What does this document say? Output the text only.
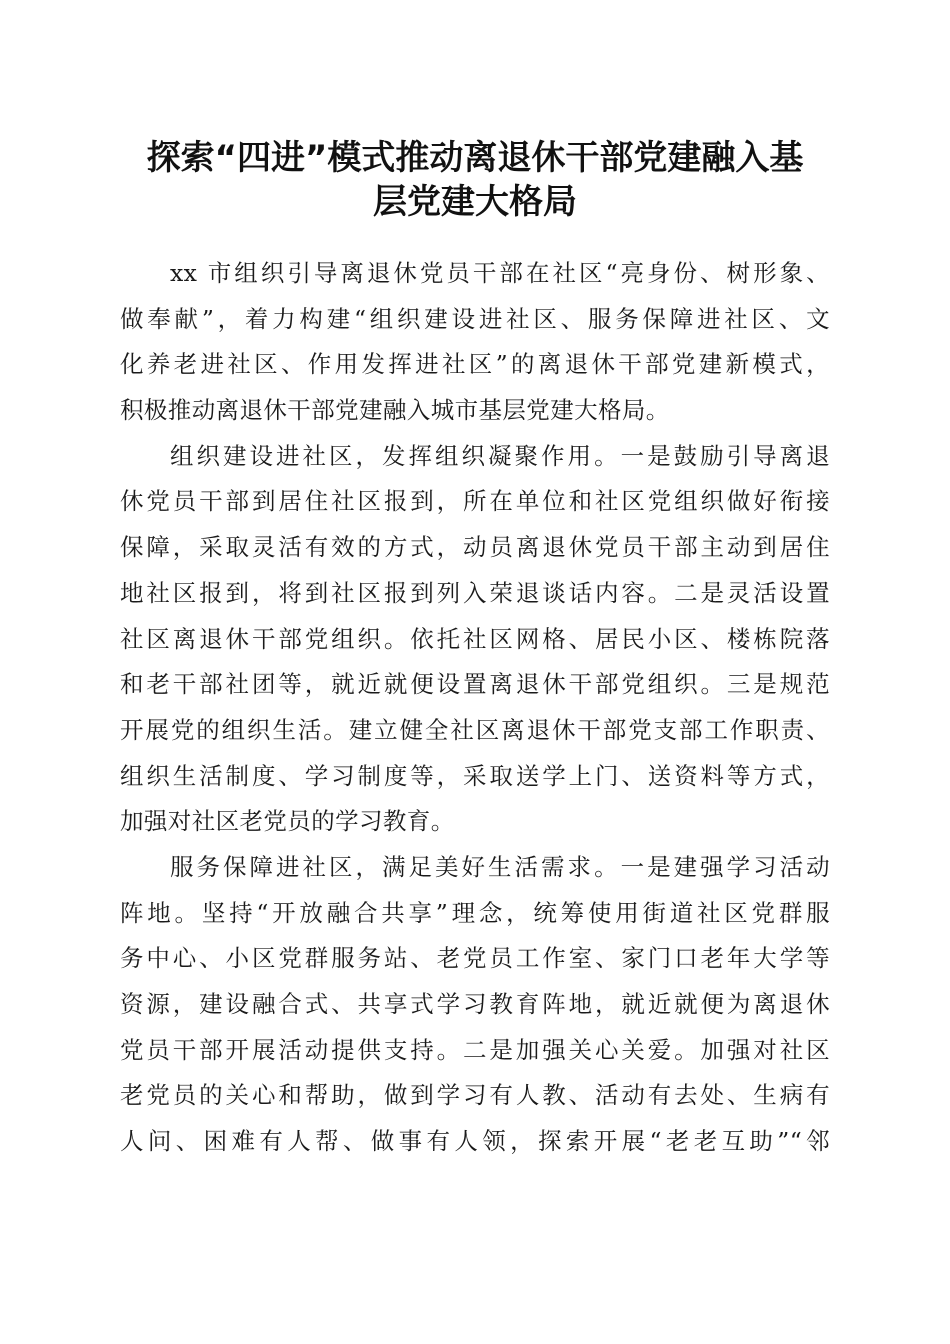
探索“四进”模式推动离退休干部党建融入基
层党建大格局
xx 市组织引导离退休党员干部在社区“亮身份、树形象、
做奉献”，着力构建“组织建设进社区、服务保障进社区、文
化养老进社区、作用发挥进社区”的离退休干部党建新模式，
积极推动离退休干部党建融入城市基层党建大格局。
组织建设进社区，发挥组织凝聚作用。一是鼓励引导离退
休党员干部到居住社区报到，所在单位和社区党组织做好衔接
保障，采取灵活有效的方式，动员离退休党员干部主动到居住
地社区报到，将到社区报到列入荣退谈话内容。二是灵活设置
社区离退休干部党组织。依托社区网格、居民小区、楼栋院落
和老干部社团等，就近就便设置离退休干部党组织。三是规范
开展党的组织生活。建立健全社区离退休干部党支部工作职责、
组织生活制度、学习制度等，采取送学上门、送资料等方式，
加强对社区老党员的学习教育。
服务保障进社区，满足美好生活需求。一是建强学习活动
阵地。坚持“开放融合共享”理念，统筹使用街道社区党群服
务中心、小区党群服务站、老党员工作室、家门口老年大学等
资源，建设融合式、共享式学习教育阵地，就近就便为离退休
党员干部开展活动提供支持。二是加强关心关爱。加强对社区
老党员的关心和帮助，做到学习有人教、活动有去处、生病有
人问、困难有人帮、做事有人领，探索开展“老老互助”“邻
